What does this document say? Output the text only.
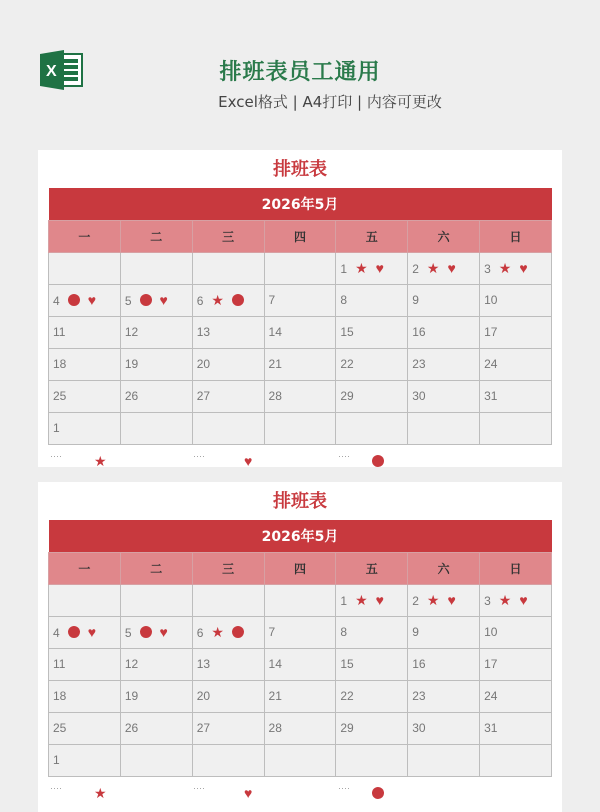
X	排班表员工通用
Excel格式 | A4打印 | 内容可更改
排班表
2026年5月						
一	二	三	四	五	六	日
				1 ★ ♥	2 ★ ♥	3 ★ ♥
4 ♥	5 ♥	6 ★	7	8	9	10
11	12	13	14	15	16	17
18	19	20	21	22	23	24
25	26	27	28	29	30	31
1						
···· ★	····	♥	····
排班表
2026年5月						
一	二	三	四	五	六	日
				1 ★ ♥	2 ★ ♥	3 ★ ♥
4 ♥	5 ♥	6 ★	7	8	9	10
11	12	13	14	15	16	17
18	19	20	21	22	23	24
25	26	27	28	29	30	31
1						
···· ★	····	♥	····
